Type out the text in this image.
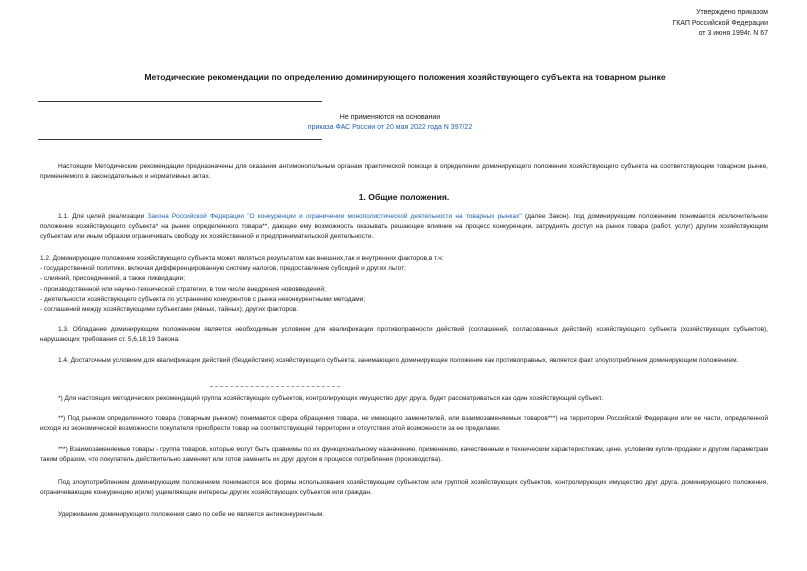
Утверждено приказом
ГКАП Российской Федерации
от 3 июня 1994г. N 67
Методические рекомендации по определению доминирующего положения хозяйствующего субъекта на товарном рынке
Не применяются на основании
приказа ФАС России от 20 мая 2022 года N 397/22
Настоящие Методические рекомендации предназначены для оказания антимонопольным органам практической помощи в определении доминирующего положения хозяйствующего субъекта на соответствующем товарном рынке, применяемого в законодательных и нормативных актах.
1. Общие положения.
1.1. Для целей реализации Закона Российской Федерации "О конкуренции и ограничении монополистической деятельности на товарных рынках" (далее Закон). под доминирующим положением понимается исключительное положение хозяйствующего субъекта* на рынке определенного товара**, дающее ему возможность оказывать решающее влияние на процесс конкуренции, затруднять доступ на рынок товара (работ, услуг) другим хозяйствующим субъектам или иным образом ограничивать свободу их хозяйственной и предпринимательской деятельности.
1.2. Доминирующее положение хозяйствующего субъекта может являться результатом как внешних,так и внутренних факторов,в т.ч:
- государственной политики, включая дифференцированную систему налогов, предоставление субсидий и других льгот;
- слияний, присоединений, а также ликвидации;
- производственной или научно-технической стратегии, в том числе внедрения нововведений;
- деятельности хозяйствующего субъекта по устранению конкурентов с рынка неконкурентными методами;
- соглашений между хозяйствующими субъектами (явных, тайных); других факторов.
1.3. Обладание доминирующим положением является необходимым условием для квалификации противоправности действий (соглашений, согласованных действий) хозяйствующего субъекта (хозяйствующих субъектов), нарушающих требования ст. 5,6,18,19 Закона.
1.4. Достаточным условием для квалификации действий (бездействия) хозяйствующего субъекта, занимающего доминирующее положение как противоправных, является факт злоупотребления доминирующим положением.
*) Для настоящих методических рекомендаций группа хозяйствующих субъектов, контролирующих имущество друг друга, будет рассматриваться как один хозяйствующий субъект.
**) Под рынком определенного товара (товарным рынком) понимается сфера обращения товара, не имеющего заменителей, или взаимозаменяемых товаров***) на территории Российской Федерации или ее части, определенной исходя из экономической возможности покупателя приобрести товар на соответствующей территории и отсутствия этой возможности за ее пределами.
***) Взаимозаменяемые товары - группа товаров, которые могут быть сравнимы по их функциональному назначению, применению, качественным и техническим характеристикам, цене, условиям купли-продажи и другим параметрам таким образом, что покупатель действительно заменяет или готов заменить их друг другом в процессе потребления (производства).
Под злоупотреблением доминирующим положением понимаются все формы использования хозяйствующим субъектом или группой хозяйствующих субъектов, контролирующих имущество друг друга, доминирующего положения, ограничивающие конкуренцию и(или) ущемляющие интересы других хозяйствующих субъектов или граждан.
Удерживание доминирующего положения само по себе не является антиконкурентным.
